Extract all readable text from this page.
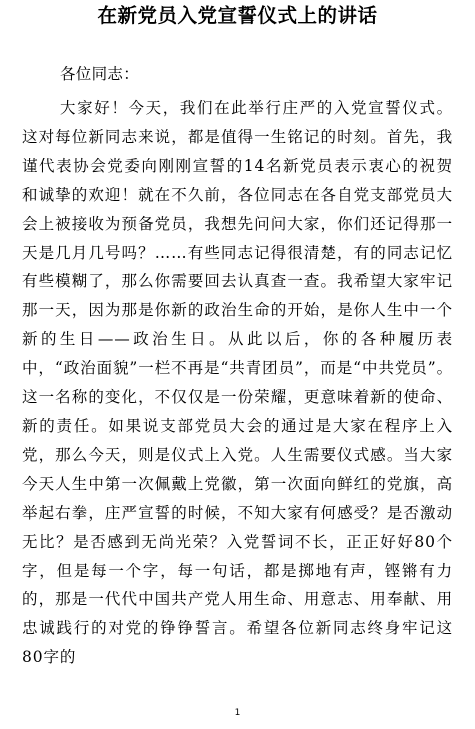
在新党员入党宣誓仪式上的讲话
各位同志：

大家好！今天，我们在此举行庄严的入党宣誓仪式。这对每位新同志来说，都是值得一生铭记的时刻。首先，我谨代表协会党委向刚刚宣誓的14名新党员表示衷心的祝贺和诚挚的欢迎！就在不久前，各位同志在各自党支部党员大会上被接收为预备党员，我想先问问大家，你们还记得那一天是几月几号吗？……有些同志记得很清楚，有的同志记忆有些模糊了，那么你需要回去认真查一查。我希望大家牢记那一天，因为那是你新的政治生命的开始，是你人生中一个新的生日——政治生日。从此以后，你的各种履历表中，“政治面貌”一栏不再是“共青团员”，而是“中共党员”。这一名称的变化，不仅仅是一份荣耀，更意味着新的使命、新的责任。如果说支部党员大会的通过是大家在程序上入党，那么今天，则是仪式上入党。人生需要仪式感。当大家今天人生中第一次佩戴上党徽，第一次面向鲜红的党旗，高举起右拳，庄严宣誓的时候，不知大家有何感受？是否激动无比？是否感到无尚光荣？入党誓词不长，正正好好80个字，但是每一个字，每一句话，都是掷地有声，铿锵有力的，那是一代代中国共产党人用生命、用意志、用奉献、用忠诚践行的对党的铮铮誓言。希望各位新同志终身牢记这80字的

1
